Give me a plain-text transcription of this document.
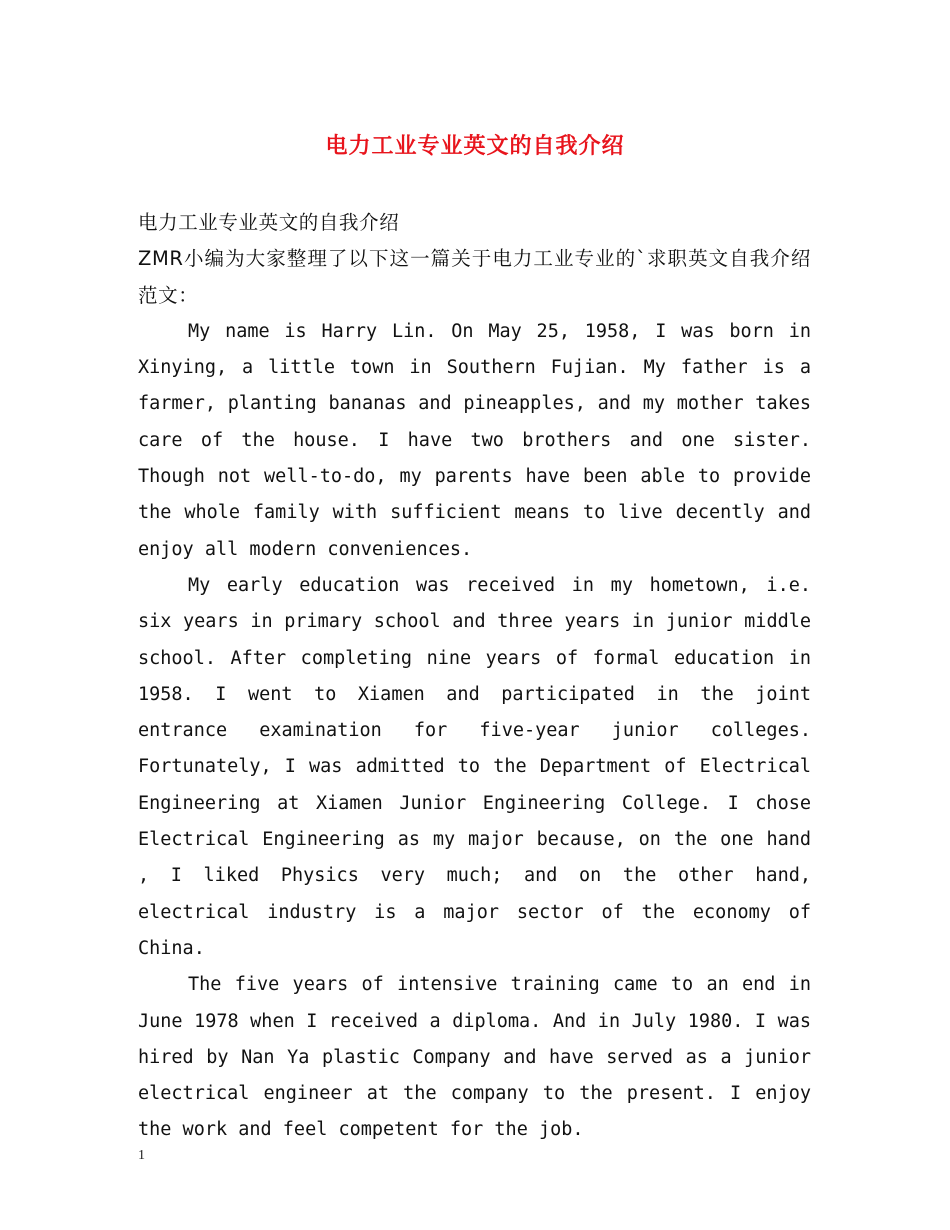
电力工业专业英文的自我介绍

电力工业专业英文的自我介绍

ZMR小编为大家整理了以下这一篇关于电力工业专业的`求职英文自我介绍范文：

My name is Harry Lin. On May 25, 1958, I was born in Xinying, a little town in Southern Fujian. My father is a farmer, planting bananas and pineapples, and my mother takes care of the house. I have two brothers and one sister. Though not well-to-do, my parents have been able to provide the whole family with sufficient means to live decently and enjoy all modern conveniences.

My early education was received in my hometown, i.e. six years in primary school and three years in junior middle school. After completing nine years of formal education in 1958. I went to Xiamen and participated in the joint entrance examination for five-year junior colleges. Fortunately, I was admitted to the Department of Electrical Engineering at Xiamen Junior Engineering College. I chose Electrical Engineering as my major because, on the one hand , I liked Physics very much; and on the other hand, electrical industry is a major sector of the economy of China.

The five years of intensive training came to an end in June 1978 when I received a diploma. And in July 1980. I was hired by Nan Ya plastic Company and have served as a junior electrical engineer at the company to the present. I enjoy the work and feel competent for the job.

1
